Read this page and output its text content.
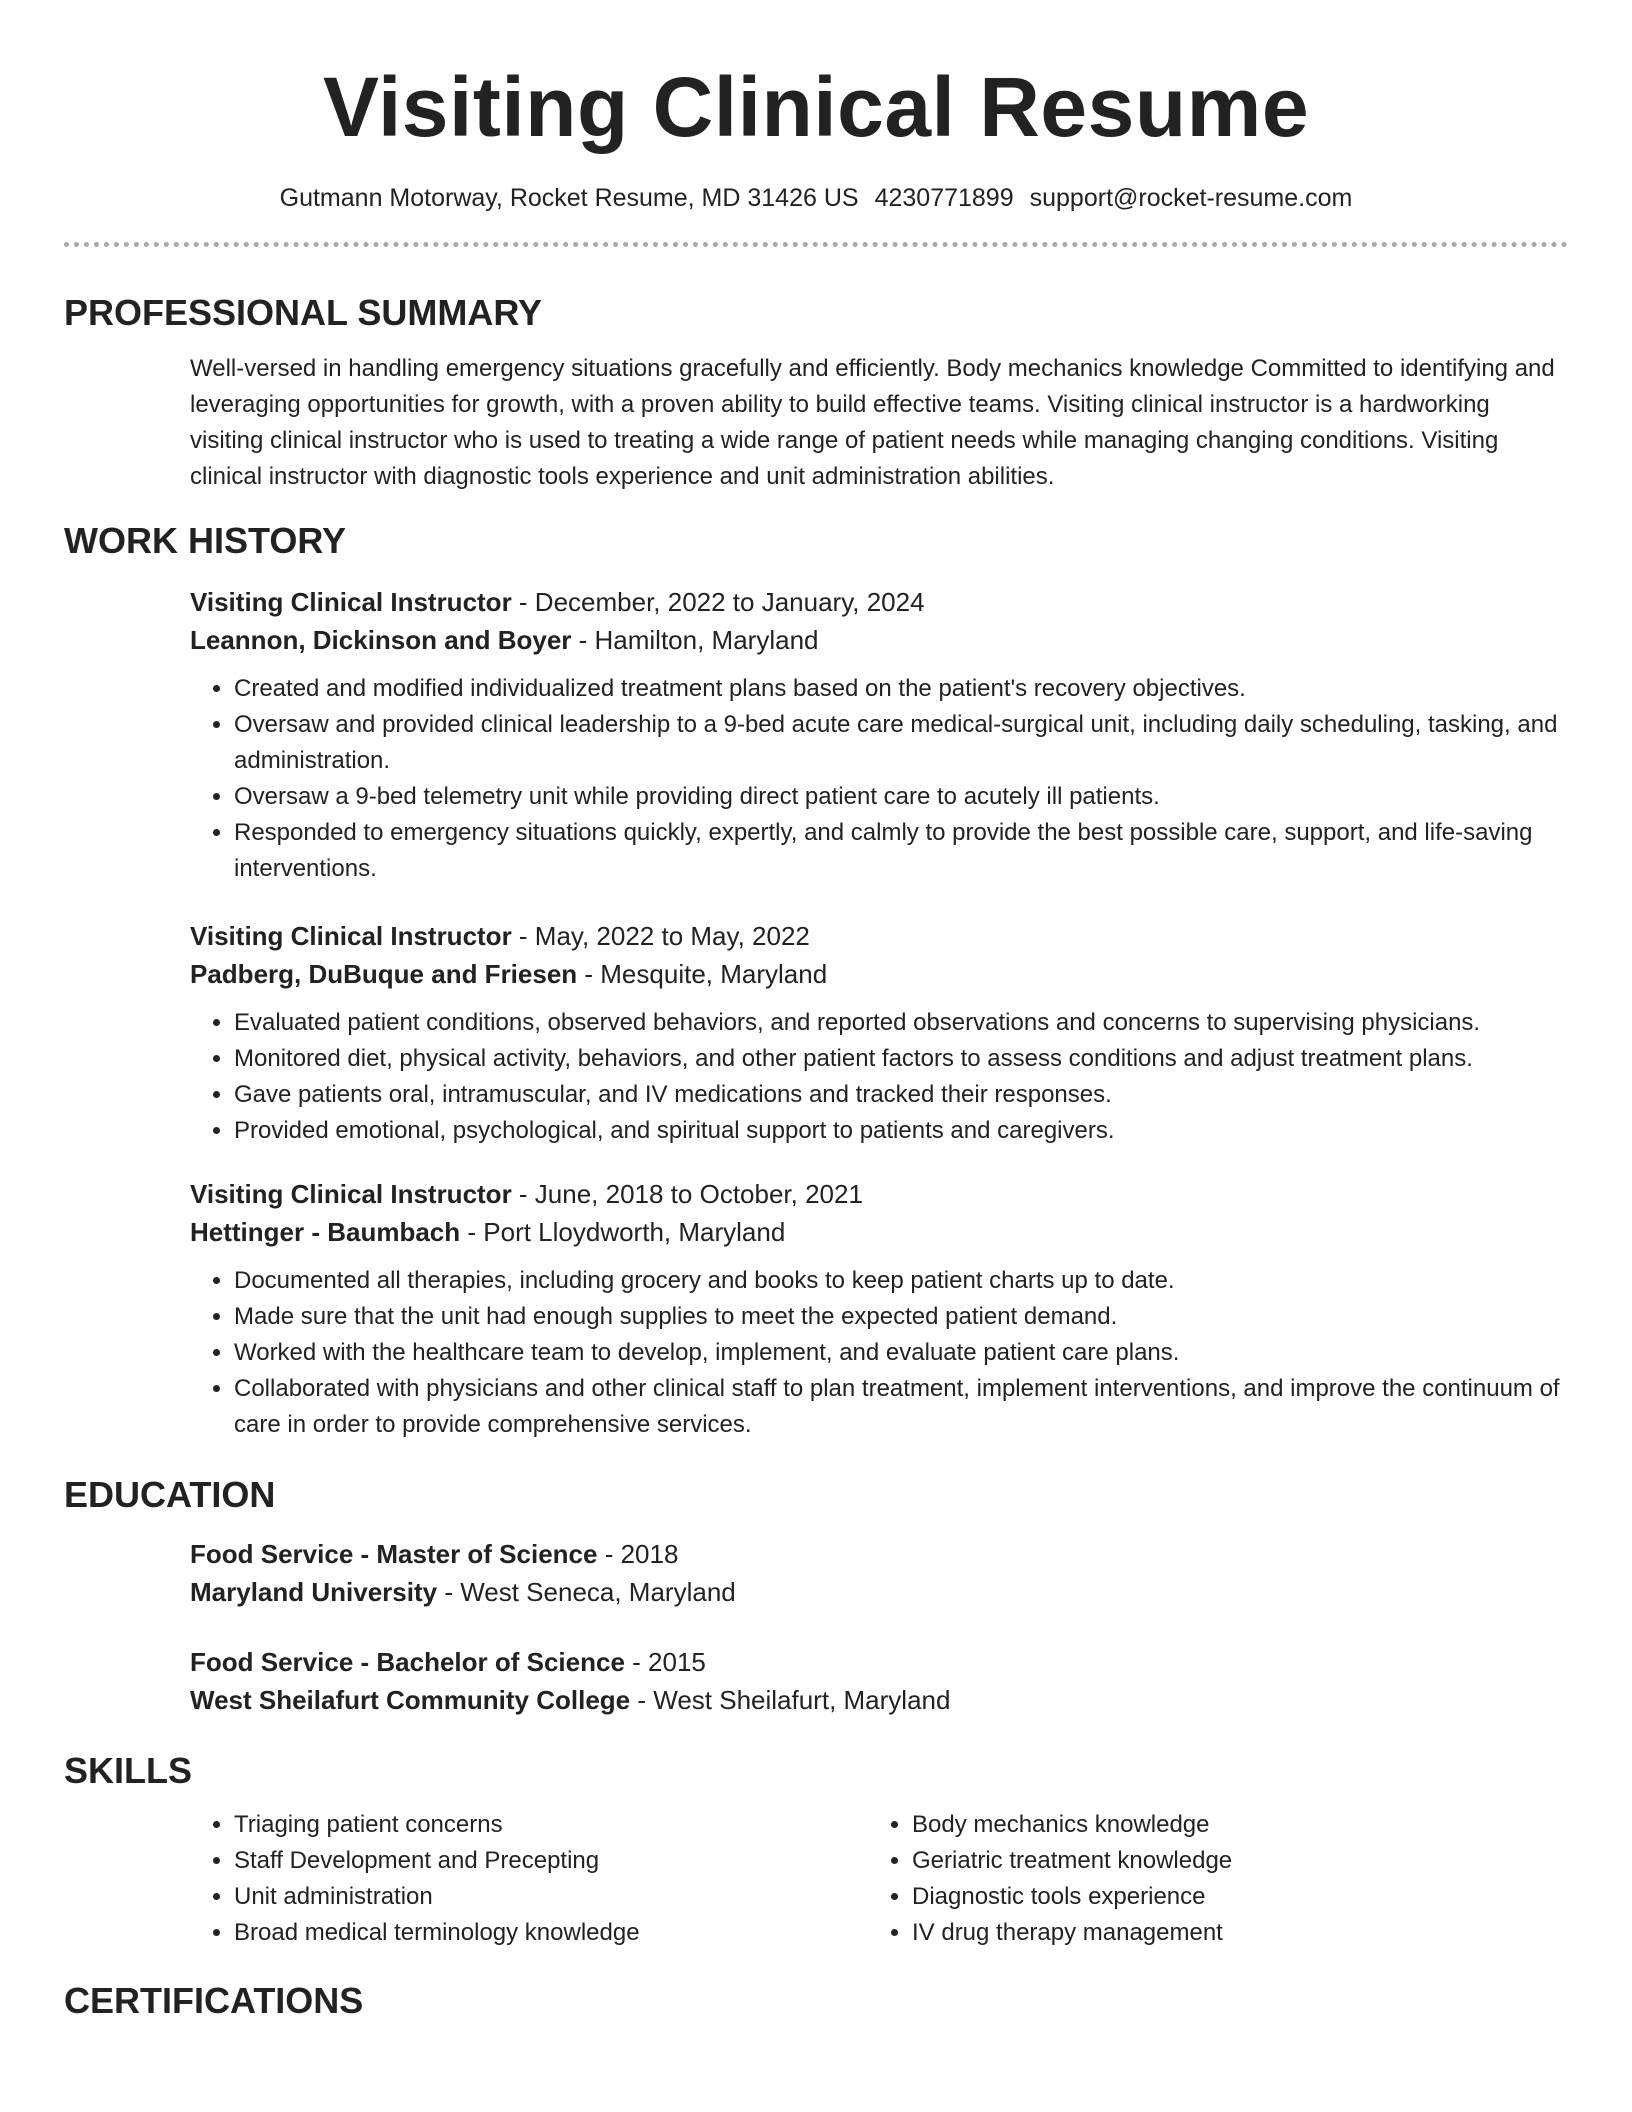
Visiting Clinical Resume
Gutmann Motorway, Rocket Resume, MD 31426 US 4230771899 support@rocket-resume.com
PROFESSIONAL SUMMARY

Well-versed in handling emergency situations gracefully and efficiently. Body mechanics knowledge Committed to identifying and leveraging opportunities for growth, with a proven ability to build effective teams. Visiting clinical instructor is a hardworking visiting clinical instructor who is used to treating a wide range of patient needs while managing changing conditions. Visiting clinical instructor with diagnostic tools experience and unit administration abilities.

WORK HISTORY

Visiting Clinical Instructor - December, 2022 to January, 2024

Leannon, Dickinson and Boyer - Hamilton, Maryland

• Created and modified individualized treatment plans based on the patient's recovery objectives.
• Oversaw and provided clinical leadership to a 9-bed acute care medical-surgical unit, including daily scheduling, tasking, and administration.
• Oversaw a 9-bed telemetry unit while providing direct patient care to acutely ill patients.
• Responded to emergency situations quickly, expertly, and calmly to provide the best possible care, support, and life-saving interventions.

Visiting Clinical Instructor - May, 2022 to May, 2022

Padberg, DuBuque and Friesen - Mesquite, Maryland

• Evaluated patient conditions, observed behaviors, and reported observations and concerns to supervising physicians.
• Monitored diet, physical activity, behaviors, and other patient factors to assess conditions and adjust treatment plans.
• Gave patients oral, intramuscular, and IV medications and tracked their responses.
• Provided emotional, psychological, and spiritual support to patients and caregivers.

Visiting Clinical Instructor - June, 2018 to October, 2021

Hettinger - Baumbach - Port Lloydworth, Maryland

• Documented all therapies, including grocery and books to keep patient charts up to date.
• Made sure that the unit had enough supplies to meet the expected patient demand.
• Worked with the healthcare team to develop, implement, and evaluate patient care plans.
• Collaborated with physicians and other clinical staff to plan treatment, implement interventions, and improve the continuum of care in order to provide comprehensive services.
EDUCATION

Food Service - Master of Science - 2018

Maryland University - West Seneca, Maryland

Food Service - Bachelor of Science - 2015

West Sheilafurt Community College - West Sheilafurt, Maryland

SKILLS
• Triaging patient concerns
• Staff Development and Precepting
• Unit administration
• Broad medical terminology knowledge
• Body mechanics knowledge
• Geriatric treatment knowledge
• Diagnostic tools experience
• IV drug therapy management
CERTIFICATIONS
